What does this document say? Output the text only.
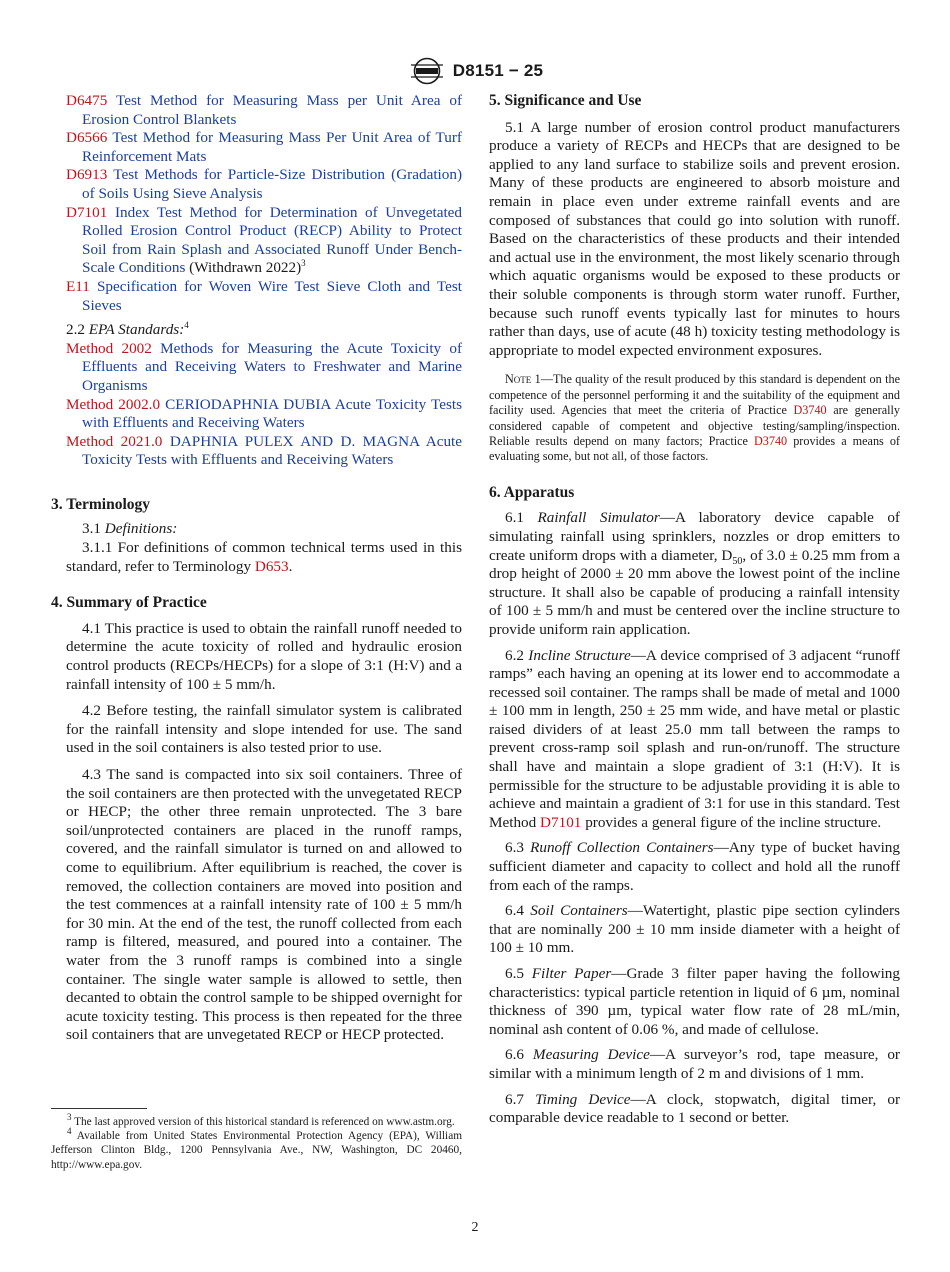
D8151 − 25

D6475 Test Method for Measuring Mass per Unit Area of Erosion Control Blankets

D6566 Test Method for Measuring Mass Per Unit Area of Turf Reinforcement Mats

D6913 Test Methods for Particle-Size Distribution (Gradation) of Soils Using Sieve Analysis

D7101 Index Test Method for Determination of Unvegetated Rolled Erosion Control Product (RECP) Ability to Protect Soil from Rain Splash and Associated Runoff Under Bench-Scale Conditions (Withdrawn 2022)$^3$

E11 Specification for Woven Wire Test Sieve Cloth and Test Sieves

2.2 EPA Standards:$^4$

Method 2002 Methods for Measuring the Acute Toxicity of Effluents and Receiving Waters to Freshwater and Marine Organisms

Method 2002.0 CERIODAPHNIA DUBIA Acute Toxicity Tests with Effluents and Receiving Waters

Method 2021.0 DAPHNIA PULEX AND D. MAGNA Acute Toxicity Tests with Effluents and Receiving Waters

3. Terminology

3.1 Definitions:

3.1.1 For definitions of common technical terms used in this standard, refer to Terminology D653.

4. Summary of Practice

4.1 This practice is used to obtain the rainfall runoff needed to determine the acute toxicity of rolled and hydraulic erosion control products (RECPs/HECPs) for a slope of 3:1 (H:V) and a rainfall intensity of 100 ± 5 mm/h.

4.2 Before testing, the rainfall simulator system is calibrated for the rainfall intensity and slope intended for use. The sand used in the soil containers is also tested prior to use.

4.3 The sand is compacted into six soil containers. Three of the soil containers are then protected with the unvegetated RECP or HECP; the other three remain unprotected. The 3 bare soil/unprotected containers are placed in the runoff ramps, covered, and the rainfall simulator is turned on and allowed to come to equilibrium. After equilibrium is reached, the cover is removed, the collection containers are moved into position and the test commences at a rainfall intensity rate of 100 ± 5 mm/h for 30 min. At the end of the test, the runoff collected from each ramp is filtered, measured, and poured into a container. The water from the 3 runoff ramps is combined into a single container. The single water sample is allowed to settle, then decanted to obtain the control sample to be shipped overnight for acute toxicity testing. This process is then repeated for the three soil containers that are unvegetated RECP or HECP protected.

$^3$ The last approved version of this historical standard is referenced on www.astm.org.

$^4$ Available from United States Environmental Protection Agency (EPA), William Jefferson Clinton Bldg., 1200 Pennsylvania Ave., NW, Washington, DC 20460, http://www.epa.gov.

5. Significance and Use

5.1 A large number of erosion control product manufacturers produce a variety of RECPs and HECPs that are designed to be applied to any land surface to stabilize soils and prevent erosion. Many of these products are engineered to absorb moisture and remain in place even under extreme rainfall events and are composed of substances that could go into solution with runoff. Based on the characteristics of these products and their intended and actual use in the environment, the most likely scenario through which aquatic organisms would be exposed to these products or their soluble components is through storm water runoff. Further, because such runoff events typically last for minutes to hours rather than days, use of acute (48 h) toxicity testing methodology is appropriate to model expected environment exposures.

Note 1—The quality of the result produced by this standard is dependent on the competence of the personnel performing it and the suitability of the equipment and facility used. Agencies that meet the criteria of Practice D3740 are generally considered capable of competent and objective testing/sampling/inspection. Reliable results depend on many factors; Practice D3740 provides a means of evaluating some, but not all, of those factors.

6. Apparatus

6.1 Rainfall Simulator—A laboratory device capable of simulating rainfall using sprinklers, nozzles or drop emitters to create uniform drops with a diameter, $D_{50}$, of 3.0 ± 0.25 mm from a drop height of 2000 ± 20 mm above the lowest point of the incline structure. It shall also be capable of producing a rainfall intensity of 100 ± 5 mm/h and must be centered over the incline structure to provide uniform rain application.

6.2 Incline Structure—A device comprised of 3 adjacent “runoff ramps” each having an opening at its lower end to accommodate a recessed soil container. The ramps shall be made of metal and 1000 ± 100 mm in length, 250 ± 25 mm wide, and have metal or plastic raised dividers of at least 25.0 mm tall between the ramps to prevent cross-ramp soil splash and run-on/runoff. The structure shall have and maintain a slope gradient of 3:1 (H:V). It is permissible for the structure to be adjustable providing it is able to achieve and maintain a gradient of 3:1 for use in this standard. Test Method D7101 provides a general figure of the incline structure.

6.3 Runoff Collection Containers—Any type of bucket having sufficient diameter and capacity to collect and hold all the runoff from each of the ramps.

6.4 Soil Containers—Watertight, plastic pipe section cylinders that are nominally 200 ± 10 mm inside diameter with a height of 100 ± 10 mm.

6.5 Filter Paper—Grade 3 filter paper having the following characteristics: typical particle retention in liquid of 6 µm, nominal thickness of 390 µm, typical water flow rate of 28 mL/min, nominal ash content of 0.06 %, and made of cellulose.

6.6 Measuring Device—A surveyor’s rod, tape measure, or similar with a minimum length of 2 m and divisions of 1 mm.

6.7 Timing Device—A clock, stopwatch, digital timer, or comparable device readable to 1 second or better.

2
